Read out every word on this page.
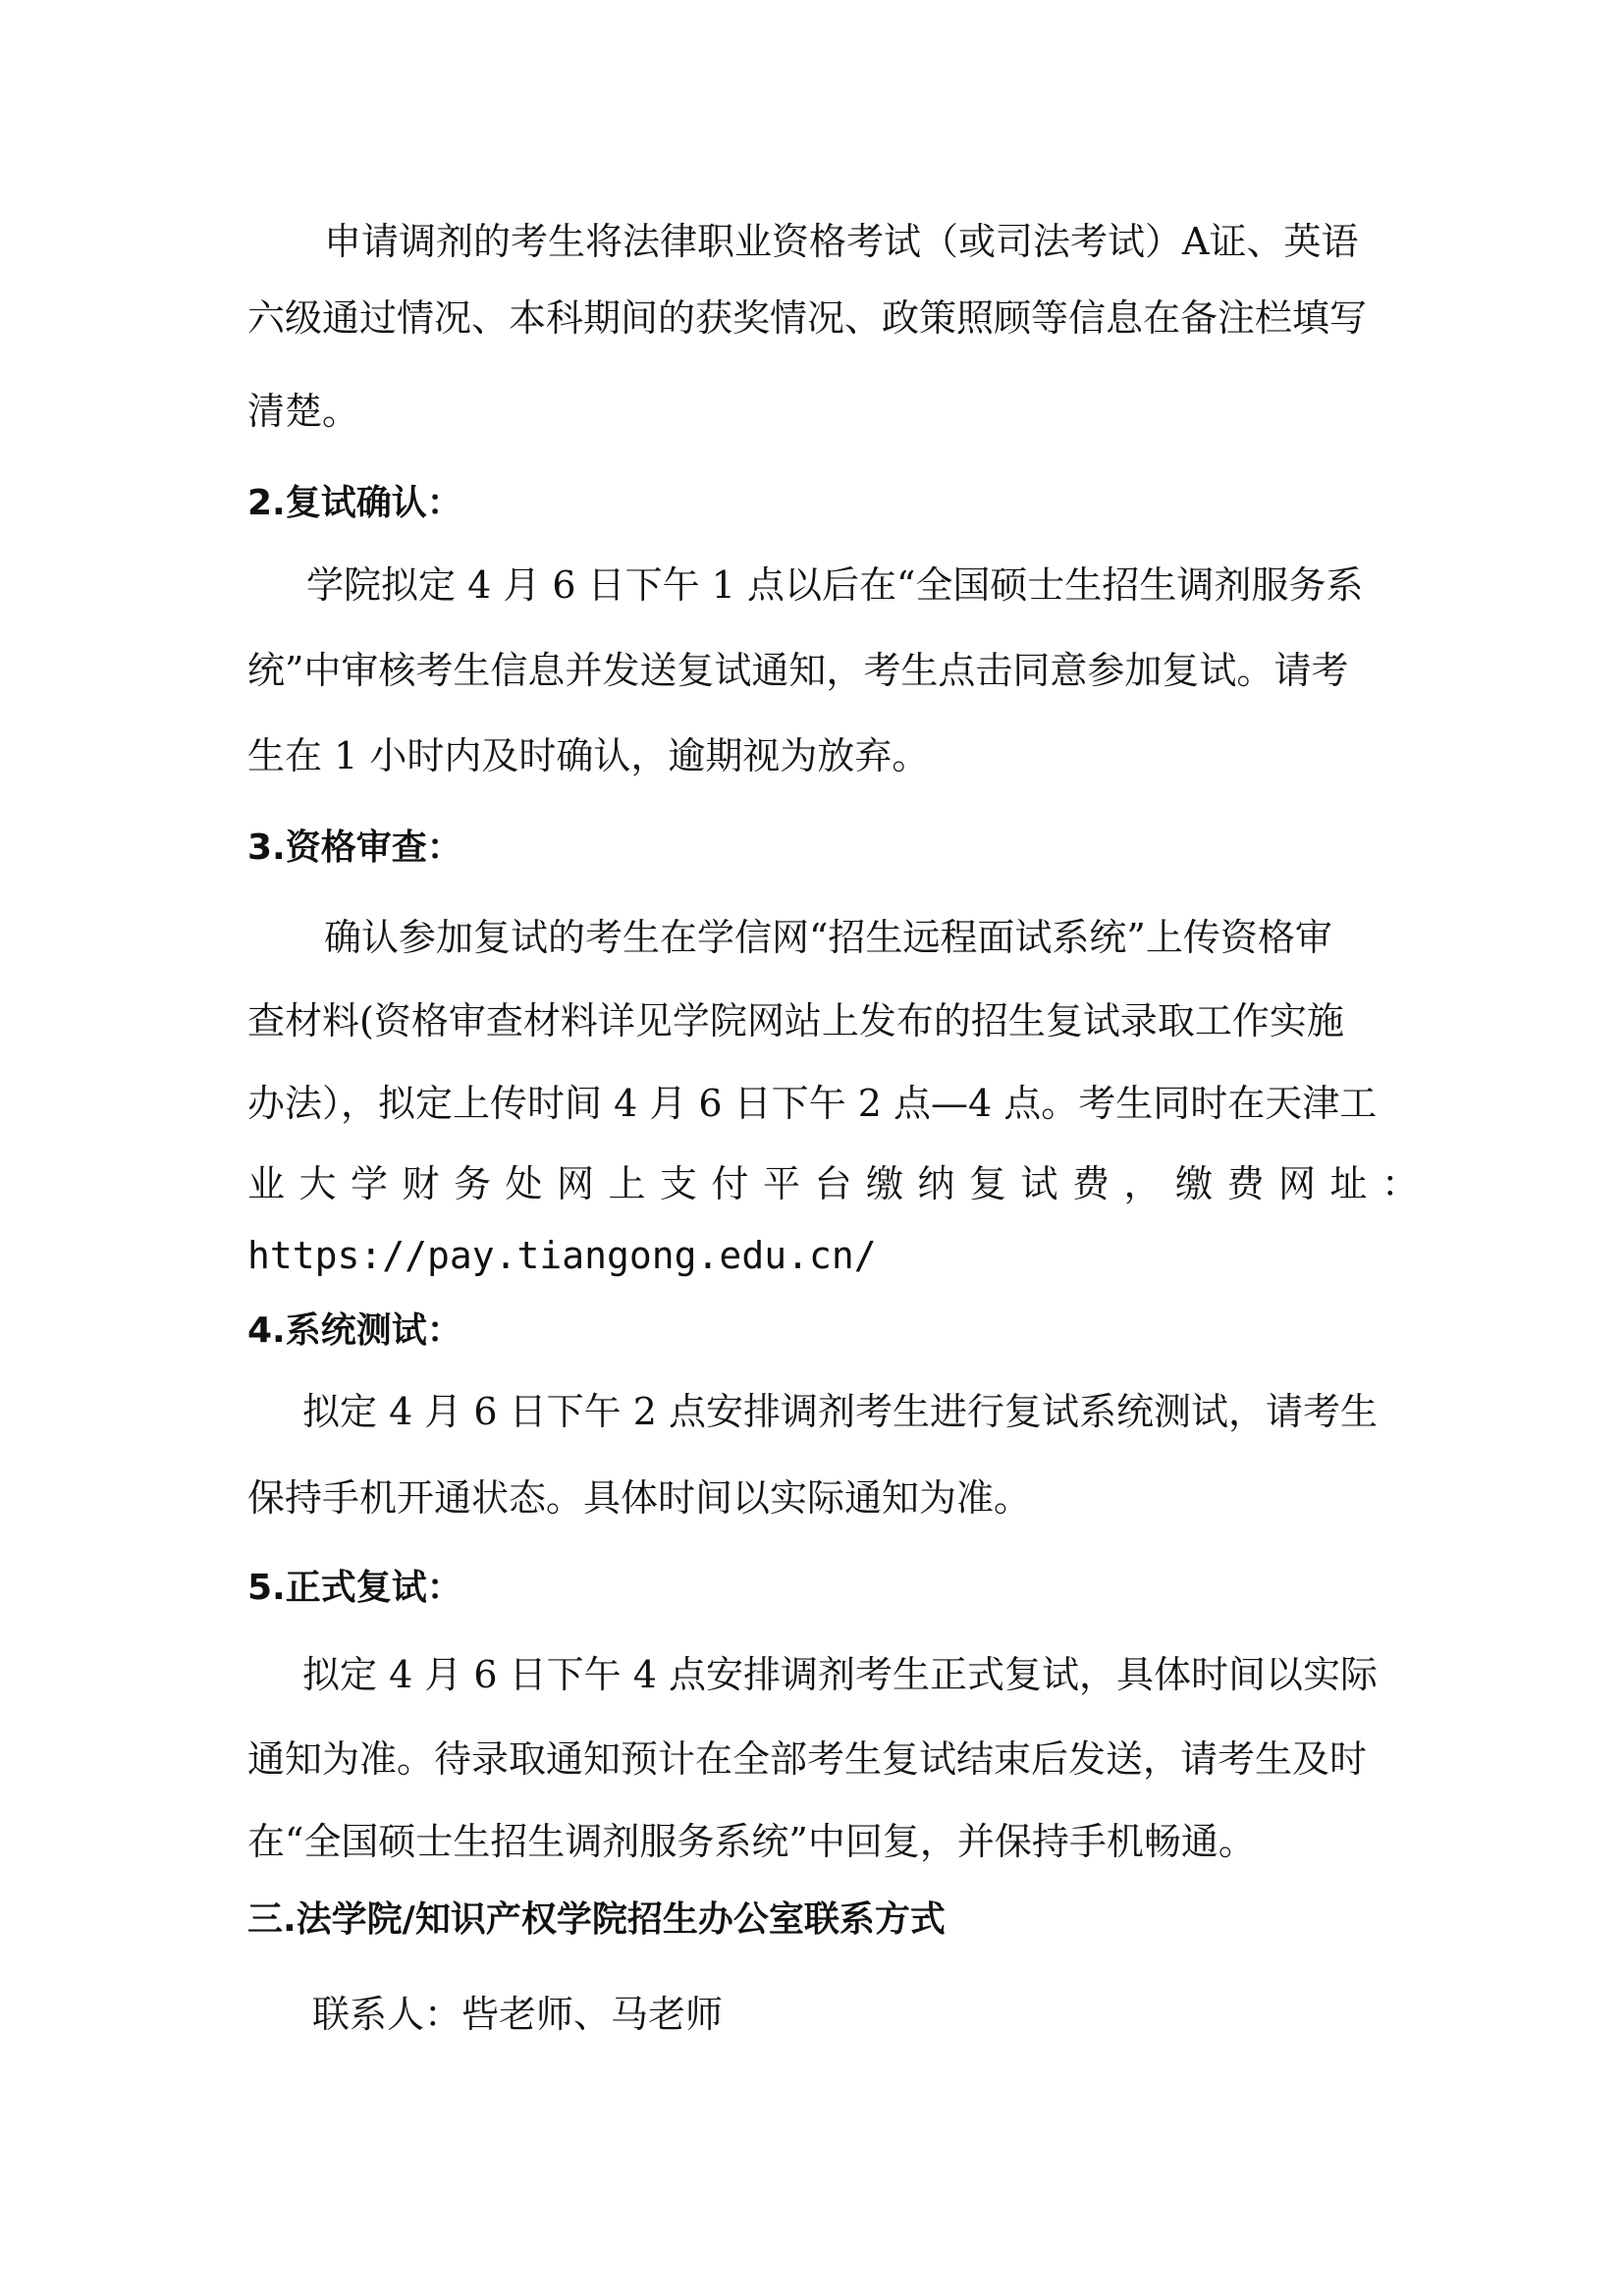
申请调剂的考生将法律职业资格考试（或司法考试）A证、英语

六级通过情况、本科期间的获奖情况、政策照顾等信息在备注栏填写

清楚。

2.复试确认：

学院拟定 4 月 6 日下午 1 点以后在“全国硕士生招生调剂服务系

统”中审核考生信息并发送复试通知，考生点击同意参加复试。请考

生在 1 小时内及时确认，逾期视为放弃。

3.资格审查：

确认参加复试的考生在学信网“招生远程面试系统”上传资格审

查材料(资格审查材料详见学院网站上发布的招生复试录取工作实施

办法），拟定上传时间 4 月 6 日下午 2 点—4 点。考生同时在天津工

业大学财务处网上支付平台缴纳复试费，缴费网址：

https://pay.tiangong.edu.cn/

4.系统测试：

拟定 4 月 6 日下午 2 点安排调剂考生进行复试系统测试，请考生

保持手机开通状态。具体时间以实际通知为准。

5.正式复试：

拟定 4 月 6 日下午 4 点安排调剂考生正式复试，具体时间以实际

通知为准。待录取通知预计在全部考生复试结束后发送，请考生及时

在“全国硕士生招生调剂服务系统”中回复，并保持手机畅通。

三.法学院/知识产权学院招生办公室联系方式

联系人：呰老师、马老师
